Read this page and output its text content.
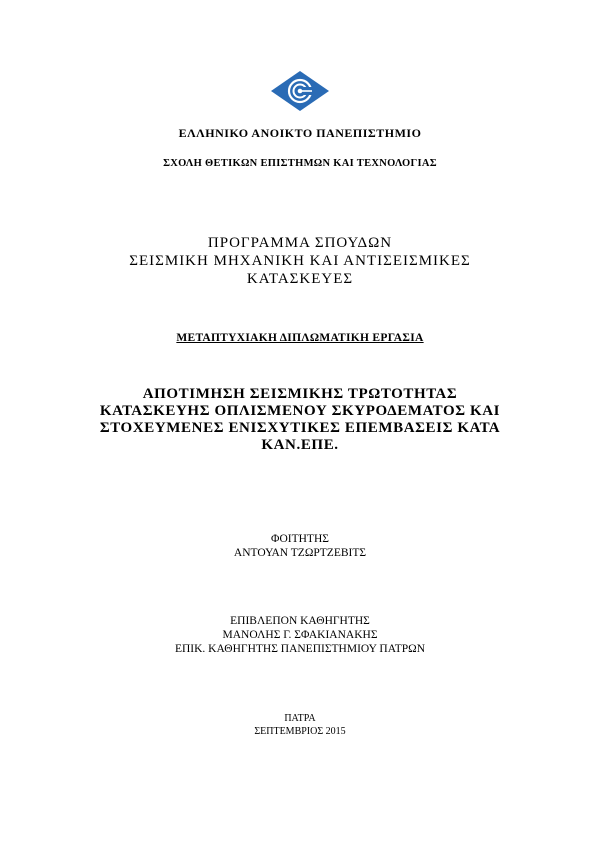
ΕΛΛΗΝΙΚΟ ΑΝΟΙΚΤΟ ΠΑΝΕΠΙΣΤΗΜΙΟ
ΣΧΟΛΗ ΘΕΤΙΚΩΝ ΕΠΙΣΤΗΜΩΝ ΚΑΙ ΤΕΧΝΟΛΟΓΙΑΣ
ΠΡΟΓΡΑΜΜΑ ΣΠΟΥΔΩΝ
ΣΕΙΣΜΙΚΗ ΜΗΧΑΝΙΚΗ ΚΑΙ ΑΝΤΙΣΕΙΣΜΙΚΕΣ
ΚΑΤΑΣΚΕΥΕΣ
ΜΕΤΑΠΤΥΧΙΑΚΗ ΔΙΠΛΩΜΑΤΙΚΗ ΕΡΓΑΣΙΑ
ΑΠΟΤΙΜΗΣΗ ΣΕΙΣΜΙΚΗΣ ΤΡΩΤΟΤΗΤΑΣ
ΚΑΤΑΣΚΕΥΗΣ ΟΠΛΙΣΜΕΝΟΥ ΣΚΥΡΟΔΕΜΑΤΟΣ ΚΑΙ
ΣΤΟΧΕΥΜΕΝΕΣ ΕΝΙΣΧΥΤΙΚΕΣ ΕΠΕΜΒΑΣΕΙΣ ΚΑΤΑ
ΚΑΝ.ΕΠΕ.
ΦΟΙΤΗΤΗΣ
ΑΝΤΟΥΑΝ ΤΖΩΡΤΖΕΒΙΤΣ
ΕΠΙΒΛΕΠΟΝ ΚΑΘΗΓΗΤΗΣ
ΜΑΝΟΛΗΣ Γ. ΣΦΑΚΙΑΝΑΚΗΣ
ΕΠΙΚ. ΚΑΘΗΓΗΤΗΣ ΠΑΝΕΠΙΣΤΗΜΙΟΥ ΠΑΤΡΩΝ
ΠΑΤΡΑ
ΣΕΠΤΕΜΒΡΙΟΣ 2015
